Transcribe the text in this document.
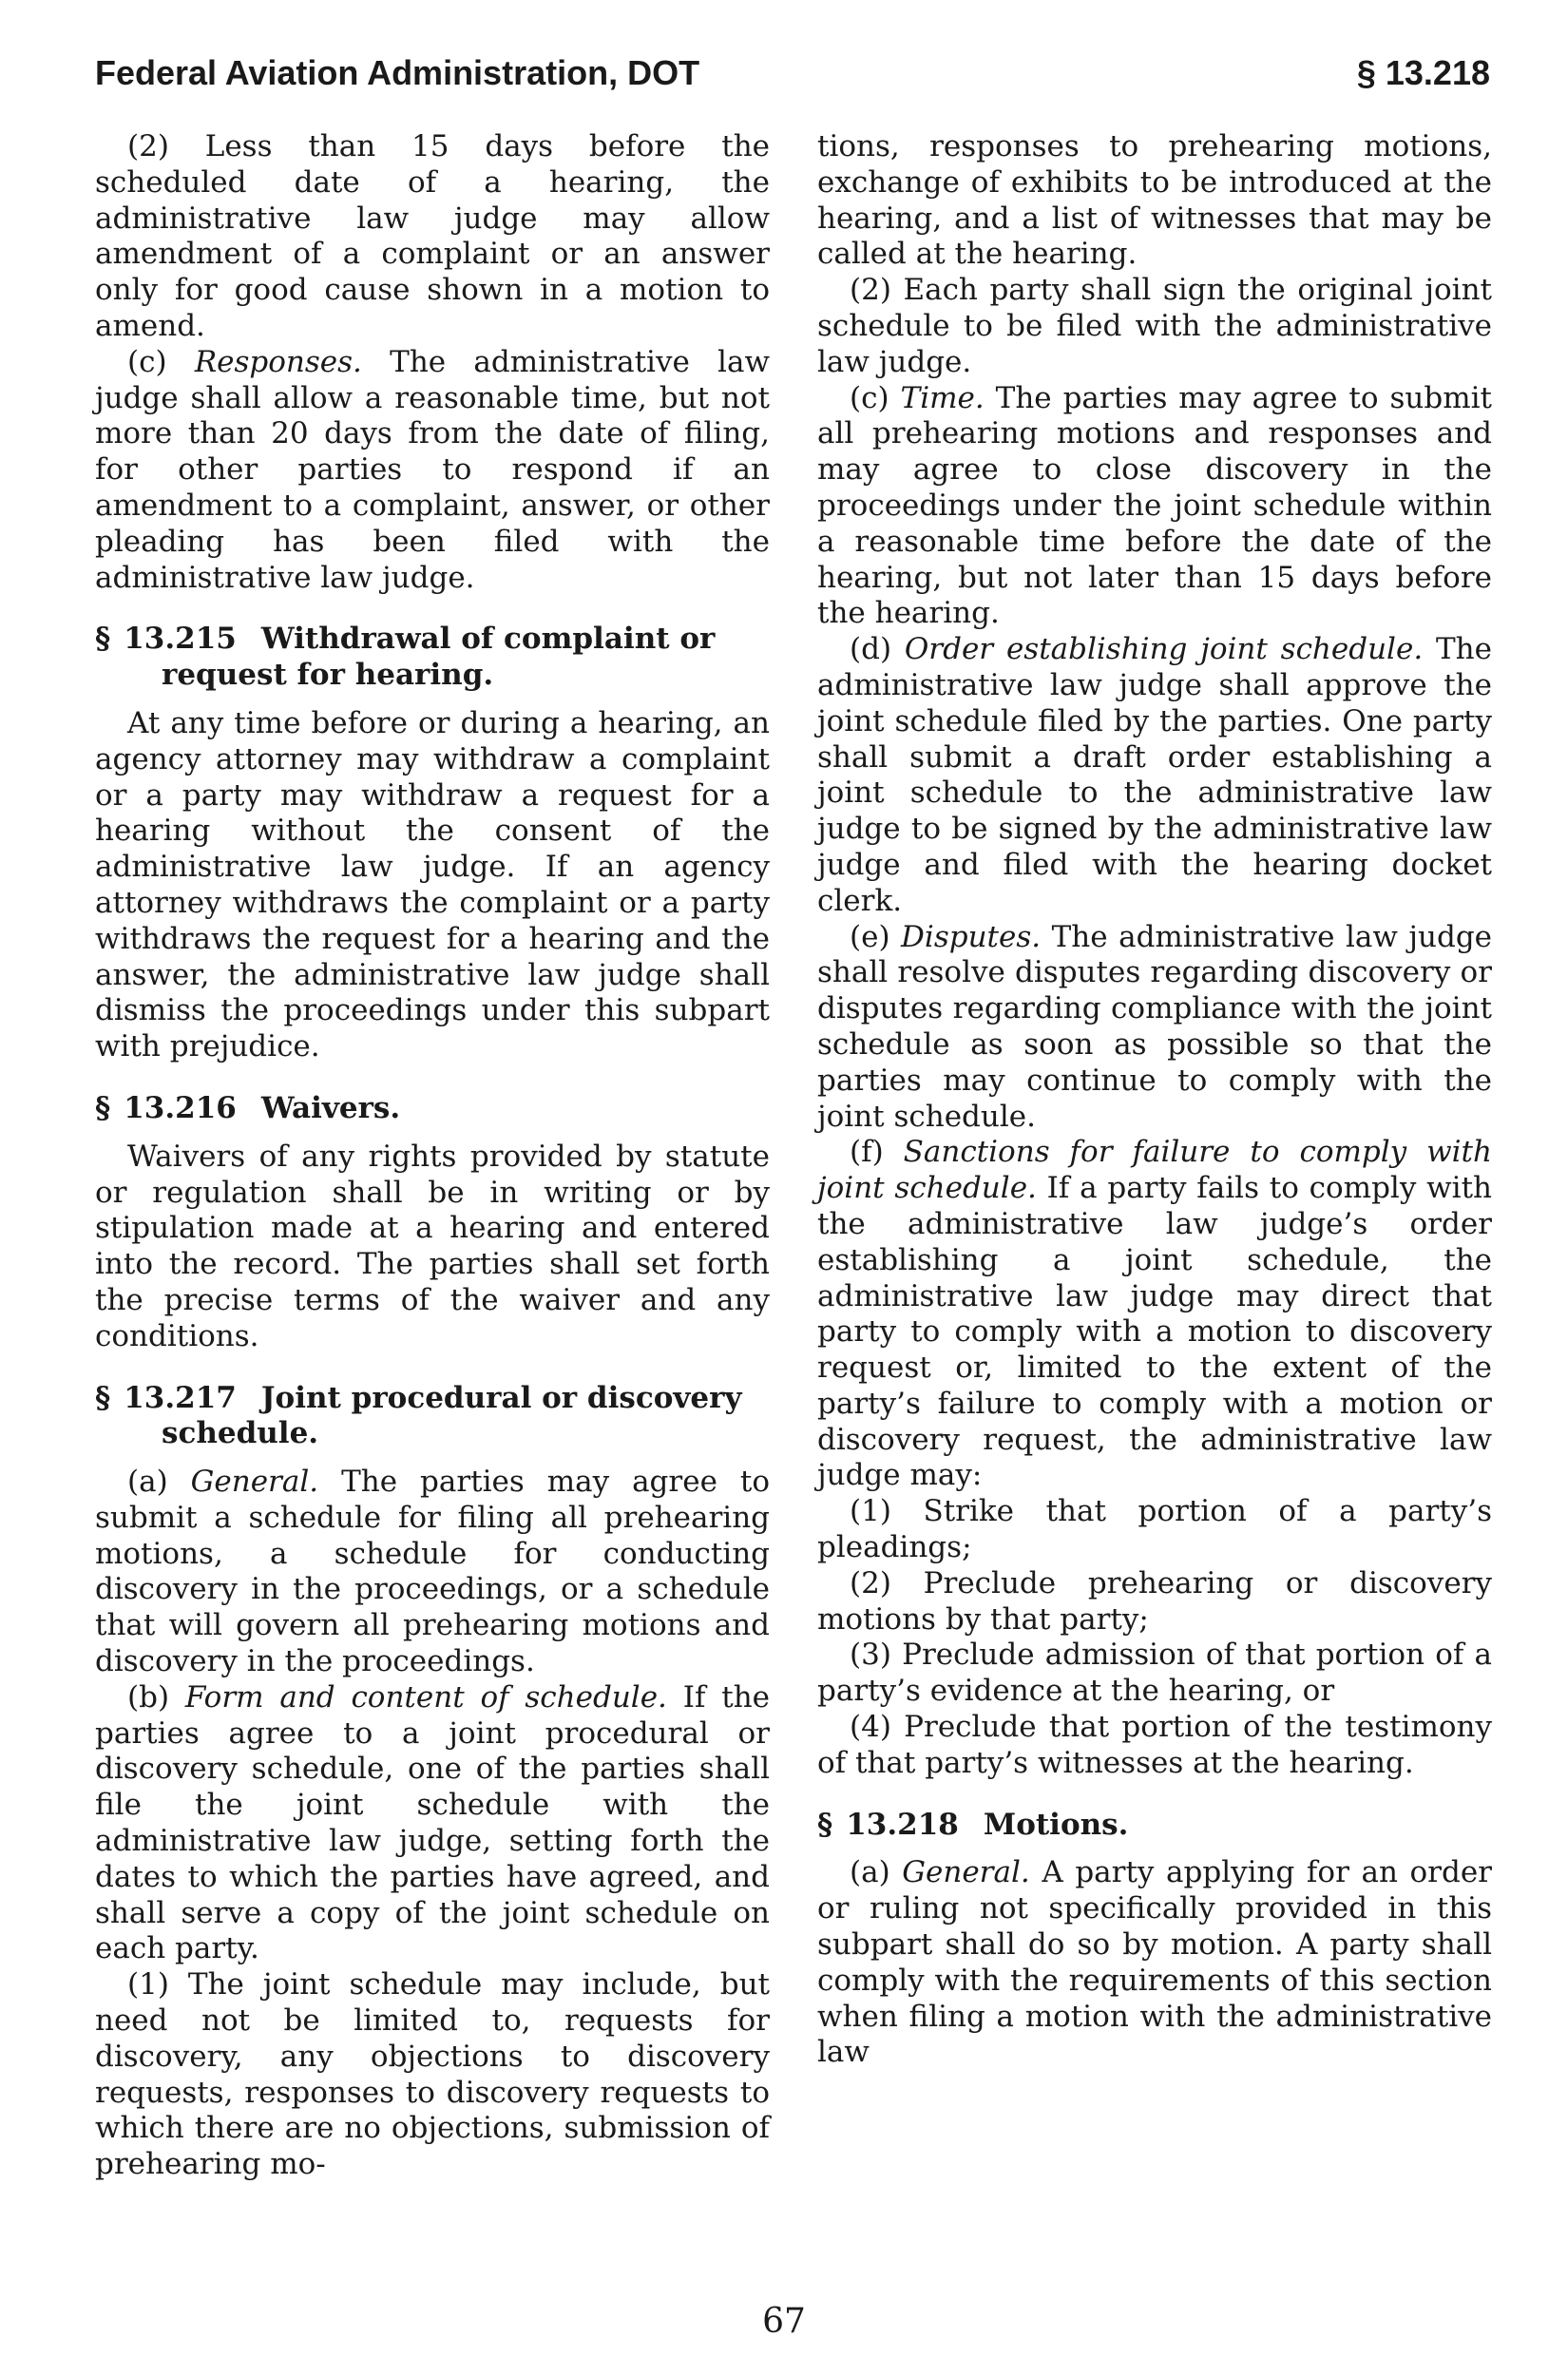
Federal Aviation Administration, DOT	§ 13.218

(2) Less than 15 days before the scheduled date of a hearing, the administrative law judge may allow amendment of a complaint or an answer only for good cause shown in a motion to amend.

(c) Responses. The administrative law judge shall allow a reasonable time, but not more than 20 days from the date of filing, for other parties to respond if an amendment to a complaint, answer, or other pleading has been filed with the administrative law judge.

§ 13.215 Withdrawal of complaint or request for hearing.

At any time before or during a hearing, an agency attorney may withdraw a complaint or a party may withdraw a request for a hearing without the consent of the administrative law judge. If an agency attorney withdraws the complaint or a party withdraws the request for a hearing and the answer, the administrative law judge shall dismiss the proceedings under this subpart with prejudice.

§ 13.216 Waivers.

Waivers of any rights provided by statute or regulation shall be in writing or by stipulation made at a hearing and entered into the record. The parties shall set forth the precise terms of the waiver and any conditions.

§ 13.217 Joint procedural or discovery schedule.

(a) General. The parties may agree to submit a schedule for filing all prehearing motions, a schedule for conducting discovery in the proceedings, or a schedule that will govern all prehearing motions and discovery in the proceedings.

(b) Form and content of schedule. If the parties agree to a joint procedural or discovery schedule, one of the parties shall file the joint schedule with the administrative law judge, setting forth the dates to which the parties have agreed, and shall serve a copy of the joint schedule on each party.

(1) The joint schedule may include, but need not be limited to, requests for discovery, any objections to discovery requests, responses to discovery requests to which there are no objections, submission of prehearing mo-

tions, responses to prehearing motions, exchange of exhibits to be introduced at the hearing, and a list of witnesses that may be called at the hearing.

(2) Each party shall sign the original joint schedule to be filed with the administrative law judge.

(c) Time. The parties may agree to submit all prehearing motions and responses and may agree to close discovery in the proceedings under the joint schedule within a reasonable time before the date of the hearing, but not later than 15 days before the hearing.

(d) Order establishing joint schedule. The administrative law judge shall approve the joint schedule filed by the parties. One party shall submit a draft order establishing a joint schedule to the administrative law judge to be signed by the administrative law judge and filed with the hearing docket clerk.

(e) Disputes. The administrative law judge shall resolve disputes regarding discovery or disputes regarding compliance with the joint schedule as soon as possible so that the parties may continue to comply with the joint schedule.

(f) Sanctions for failure to comply with joint schedule. If a party fails to comply with the administrative law judge’s order establishing a joint schedule, the administrative law judge may direct that party to comply with a motion to discovery request or, limited to the extent of the party’s failure to comply with a motion or discovery request, the administrative law judge may:

(1) Strike that portion of a party’s pleadings;

(2) Preclude prehearing or discovery motions by that party;

(3) Preclude admission of that portion of a party’s evidence at the hearing, or

(4) Preclude that portion of the testimony of that party’s witnesses at the hearing.

§ 13.218 Motions.

(a) General. A party applying for an order or ruling not specifically provided in this subpart shall do so by motion. A party shall comply with the requirements of this section when filing a motion with the administrative law

67
